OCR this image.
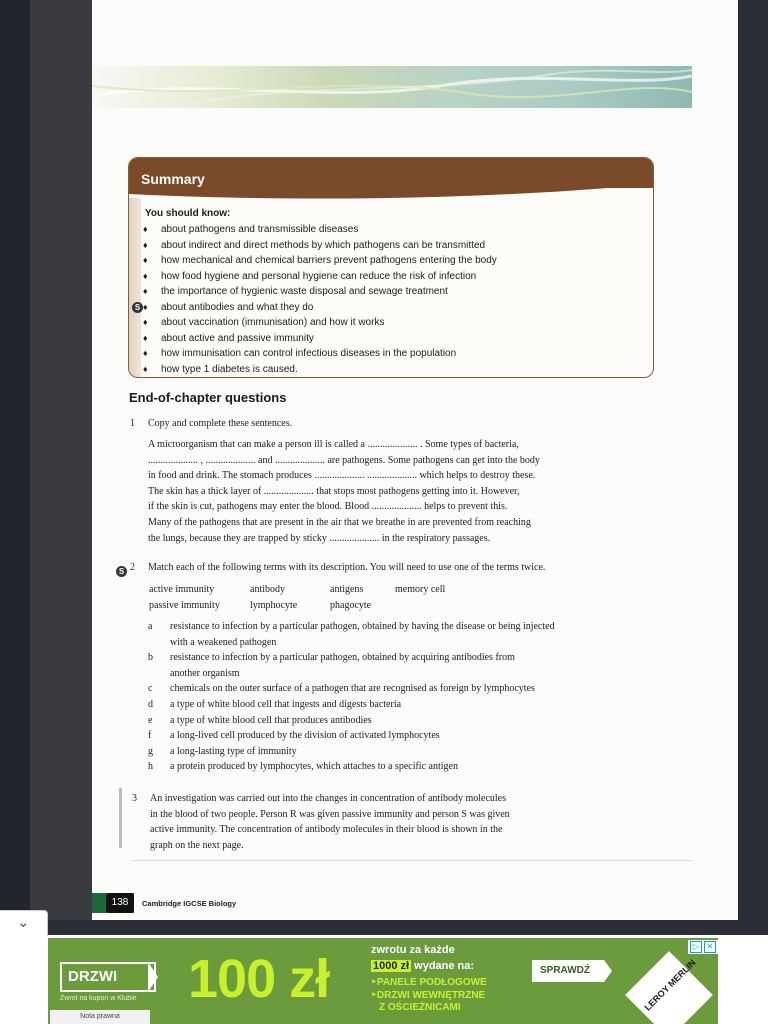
Summary
You should know:
♦ about pathogens and transmissible diseases
♦ about indirect and direct methods by which pathogens can be transmitted
♦ how mechanical and chemical barriers prevent pathogens entering the body
♦ how food hygiene and personal hygiene can reduce the risk of infection
♦ the importance of hygienic waste disposal and sewage treatment
♦ about antibodies and what they do
♦ about vaccination (immunisation) and how it works
♦ about active and passive immunity
♦ how immunisation can control infectious diseases in the population
♦ how type 1 diabetes is caused.
S
End-of-chapter questions
1 Copy and complete these sentences.
A microorganism that can make a person ill is called a .................... . Some types of bacteria,
.................... , .................... and .................... are pathogens. Some pathogens can get into the body
in food and drink. The stomach produces .................... .................... which helps to destroy these.
The skin has a thick layer of .................... that stops most pathogens getting into it. However,
if the skin is cut, pathogens may enter the blood. Blood .................... helps to prevent this.
Many of the pathogens that are present in the air that we breathe in are prevented from reaching
the lungs, because they are trapped by sticky .................... in the respiratory passages.
S 2 Match each of the following terms with its description. You will need to use one of the terms twice.
active immunity	antibody	antigens	memory cell
passive immunity	lymphocyte	phagocyte
a resistance to infection by a particular pathogen, obtained by having the disease or being injected
with a weakened pathogen
b resistance to infection by a particular pathogen, obtained by acquiring antibodies from
another organism
c chemicals on the outer surface of a pathogen that are recognised as foreign by lymphocytes
d a type of white blood cell that ingests and digests bacteria
e a type of white blood cell that produces antibodies
f a long-lived cell produced by the division of activated lymphocytes
g a long-lasting type of immunity
h a protein produced by lymphocytes, which attaches to a specific antigen
3 An investigation was carried out into the changes in concentration of antibody molecules
in the blood of two people. Person R was given passive immunity and person S was given
active immunity. The concentration of antibody molecules in their blood is shown in the
graph on the next page.
138	Cambridge IGCSE Biology
⌄
DRZWI
Zwrot na kupon w Klubie
Nota prawna
100 zł	zwrotu za każde
1000 zł wydane na:
‣PANELE PODŁOGOWE
‣DRZWI WEWNĘTRZNE
Z OŚCIEŻNICAMI
SPRAWDŹ	LEROY MERLIN
▷ ✕
